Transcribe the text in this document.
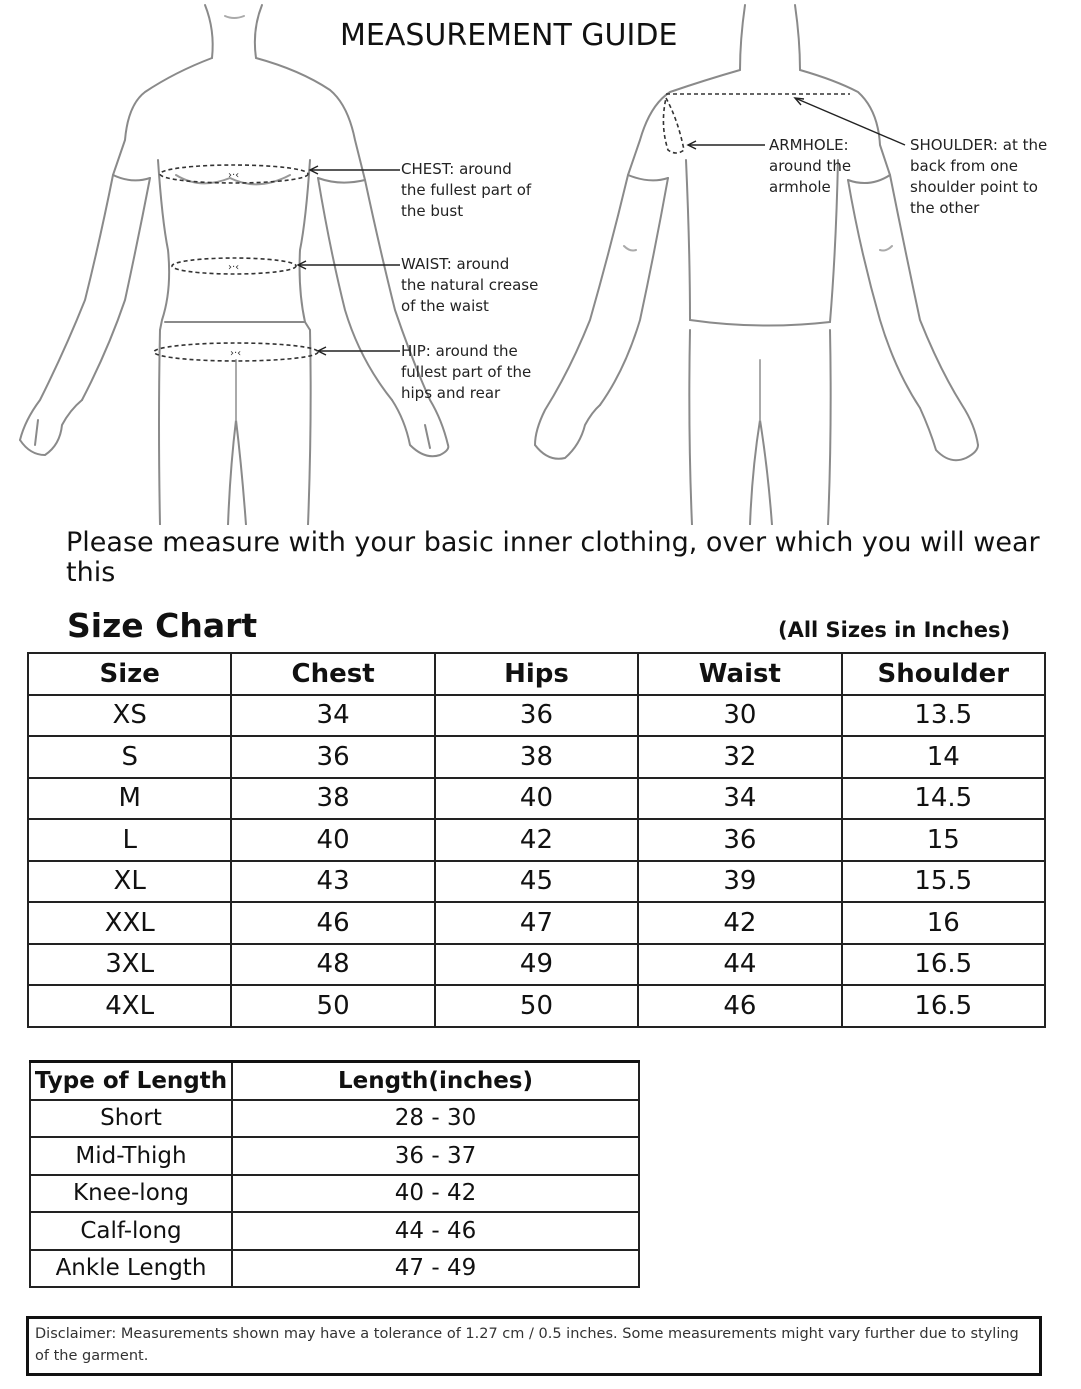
›·‹
›·‹
›·‹
MEASUREMENT GUIDE
CHEST: around
the fullest part of
the bust
WAIST: around
the natural crease
of the waist
HIP: around the
fullest part of the
hips and rear
ARMHOLE:
around the
armhole
SHOULDER: at the
back from one
shoulder point to
the other
Please measure with your basic inner clothing, over which you will wear this
Size Chart	(All Sizes in Inches)
Size	Chest	Hips	Waist	Shoulder
XS	34	36	30	13.5
S	36	38	32	14
M	38	40	34	14.5
L	40	42	36	15
XL	43	45	39	15.5
XXL	46	47	42	16
3XL	48	49	44	16.5
4XL	50	50	46	16.5
Type of Length	Length(inches)
Short	28 - 30
Mid-Thigh	36 - 37
Knee-long	40 - 42
Calf-long	44 - 46
Ankle Length	47 - 49
Disclaimer: Measurements shown may have a tolerance of 1.27 cm / 0.5 inches. Some measurements might vary further due to styling of the garment.
